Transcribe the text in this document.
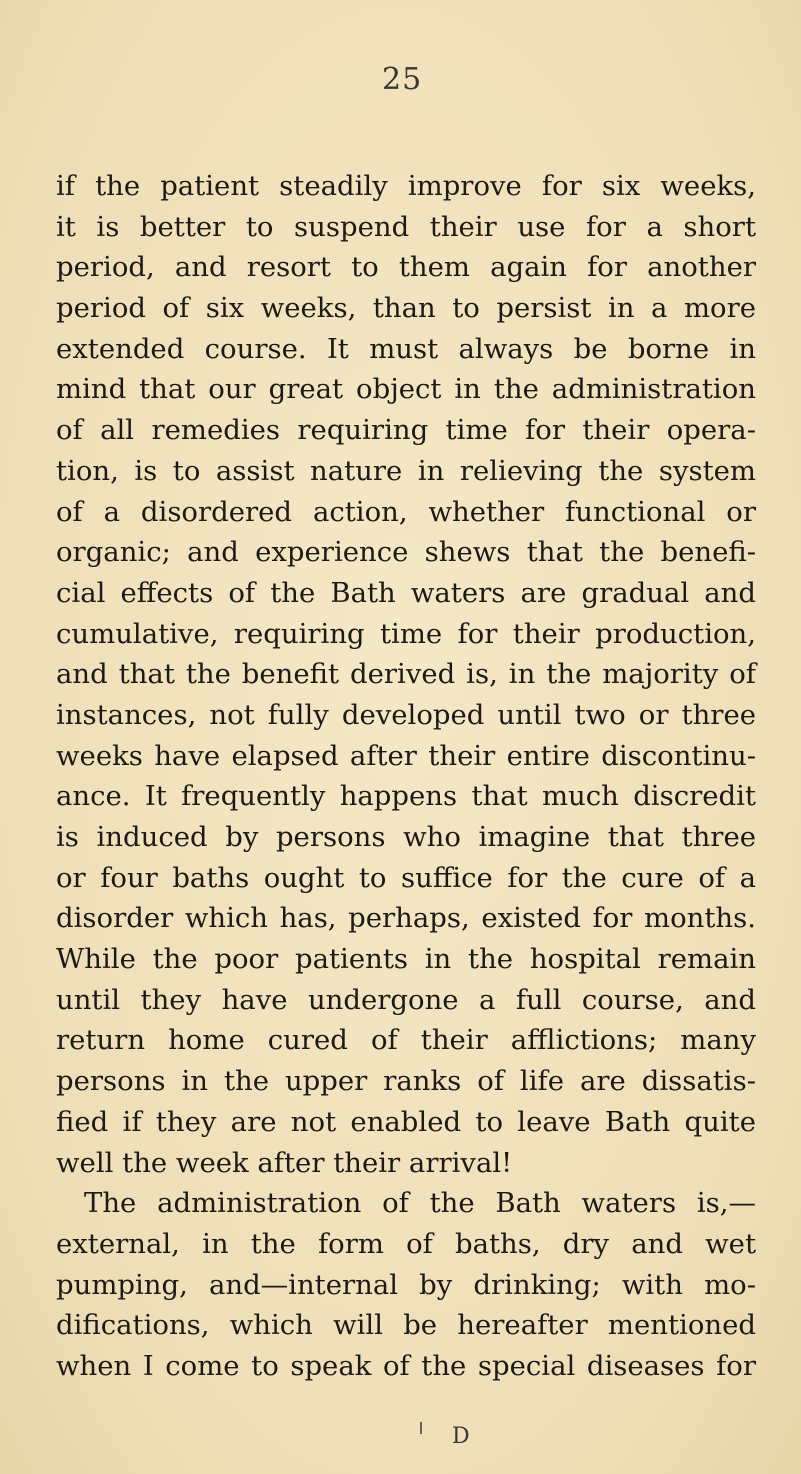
25
if the patient steadily improve for six weeks,
it is better to suspend their use for a short
period, and resort to them again for another
period of six weeks, than to persist in a more
extended course. It must always be borne in
mind that our great object in the administration
of all remedies requiring time for their opera-
tion, is to assist nature in relieving the system
of a disordered action, whether functional or
organic; and experience shews that the benefi-
cial effects of the Bath waters are gradual and
cumulative, requiring time for their production,
and that the benefit derived is, in the majority of
instances, not fully developed until two or three
weeks have elapsed after their entire discontinu-
ance. It frequently happens that much discredit
is induced by persons who imagine that three
or four baths ought to suffice for the cure of a
disorder which has, perhaps, existed for months.
While the poor patients in the hospital remain
until they have undergone a full course, and
return home cured of their afflictions; many
persons in the upper ranks of life are dissatis-
fied if they are not enabled to leave Bath quite
well the week after their arrival!
The administration of the Bath waters is,—
external, in the form of baths, dry and wet
pumping, and—internal by drinking; with mo-
difications, which will be hereafter mentioned
when I come to speak of the special diseases for
D
